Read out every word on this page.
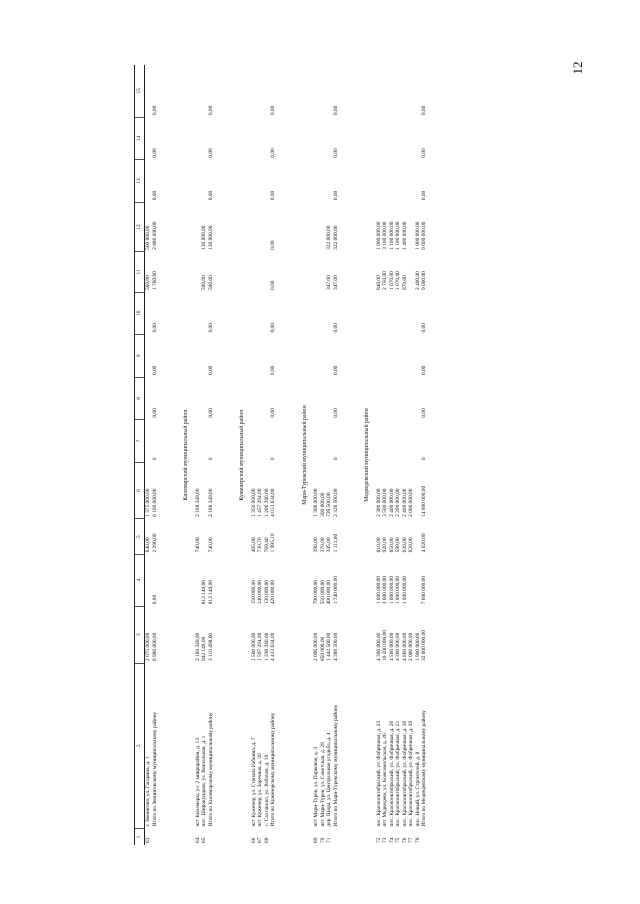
12
1	2	3	4	5	6	7	8	9	10	11	12	13	14	15
63	г. Звенигово, ул. Гагарина, д. 1	2 075 000,00		640,00	1 375 000,00					560,00	500 000,00			
	Итого по Звениговскому муниципальному району	8 980 000,00	0,00	2 290,00	6 100 000,00	0	0,00	0,00	0,00	1 760,00	2 880 000,00	0,00	0,00	0,00

Килемарский муниципальный район														
64	пгт Килемары, ул. 2 микрорайон, д. 13	2 168 349,00		740,00	2 168 349,00									
65	пос. Широкундыш, ул. Вокзальная, д. 1	942 149,00	812 149,00							500,00	130 000,00			
	Итого по Килемарскому муниципальному району	3 110 498,00	812 149,00	740,00	2 168 349,00	0	0,00	0,00	0,00	500,00	130 000,00	0,00	0,00	0,00

Куженерский муниципальный район														
66	пгт Куженер, ул. Степана Рабкина, д. 7	1 500 000,00	150 000,00	495,00	1 350 000,00									
67	пгт Куженер, ул. Заречная, д. 20	1 597 294,00	140 000,00	730,70	1 457 294,00									
68	с. Салтакъял, ул. Рабочая, д. 18	1 336 340,00	130 000,00	769,40	1 206 340,00									
	Итого по Куженерскому муниципальному району	4 433 634,00	420 000,00	1 995,10	4 013 634,00	0	0,00	0,00	0,00	0,00	0,00	0,00	0,00	0,00

Мари-Турекский муниципальный район														
69	пгт Мари-Турек, ул. Парковая, д. 3	2 096 000,00	790 000,00	396,00	1 306 000,00									
70	пгт Мари-Турек, ул. Советская, д. 28	850 000,00	550 000,00	370,00	300 000,00									
71	дер. Шора, ул. Центральная усадьба, д. 4	1 442 500,00	400 000,00	345,00	720 500,00					347,00	322 000,00			
	Итого по Мари-Турекскому муниципальному району	4 388 500,00	1 740 000,00	1 111,00	2 326 500,00	0	0,00	0,00	0,00	347,00	322 000,00	0,00	0,00	0,00

Медведевский муниципальный район														
72	пос. Краснооктябрьский, ул. Фабричная, д. 23	4 300 000,00	1 000 000,00	610,00	2 300 000,00					840,00	1 000 000,00			
73	пгт Медведево, ул. Комсомольская, д. 26	10 200 000,00	3 600 000,00	920,00	3 500 000,00					2 750,00	3 100 000,00			
74	пос. Краснооктябрьский, ул. Фабричная, д. 26	4 500 000,00	1 000 000,00	650,00	2 400 000,00					1 070,00	1 100 000,00			
75	пос. Краснооктябрьский, ул. Фабричная, д. 21	4 300 000,00	1 000 000,00	590,00	2 200 000,00					1 070,00	1 100 000,00			
76	пос. Краснооктябрьский, ул. Фабричная, д. 30	4 800 000,00	1 000 000,00	630,00	2 400 000,00					870,00	1 400 000,00			
77	пос. Краснооктябрьский, ул. Фабричная, д. 29	2 000 000,00		620,00	2 000 000,00									
78	пос. Новый, ул. Строителей, д. 8	1 900 000,00								2 400,00	1 900 000,00			
	Итого по Медведевскому муниципальному району	32 000 000,00	7 600 000,00	4 020,00	14 800 000,00	0	0,00	0,00	0,00	9 000,00	9 600 000,00	0,00	0,00	0,00
